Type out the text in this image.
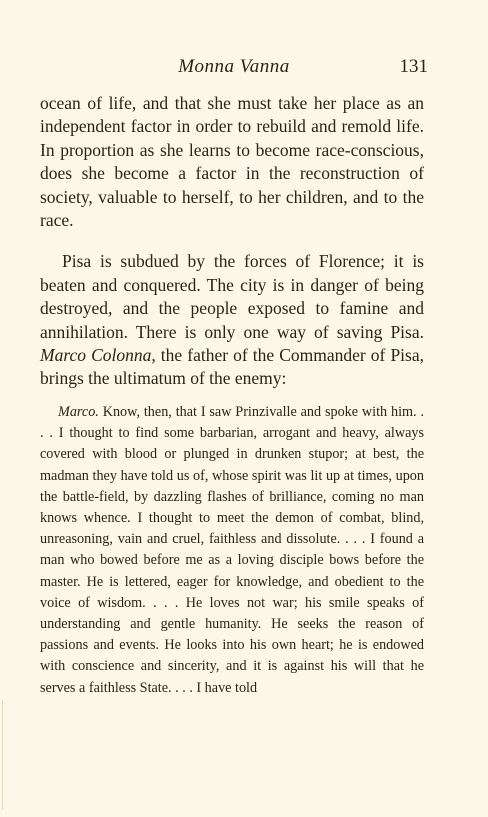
Monna Vanna	131

ocean of life, and that she must take her place as an independent factor in order to rebuild and remold life. In proportion as she learns to become race-conscious, does she become a factor in the reconstruction of society, valuable to herself, to her children, and to the race.

Pisa is subdued by the forces of Florence; it is beaten and conquered. The city is in danger of being destroyed, and the people exposed to famine and annihilation. There is only one way of saving Pisa. Marco Colonna, the father of the Commander of Pisa, brings the ultimatum of the enemy:

Marco. Know, then, that I saw Prinzivalle and spoke with him. . . . I thought to find some barbarian, arrogant and heavy, always covered with blood or plunged in drunken stupor; at best, the madman they have told us of, whose spirit was lit up at times, upon the battle-field, by dazzling flashes of brilliance, coming no man knows whence. I thought to meet the demon of combat, blind, unreasoning, vain and cruel, faithless and dissolute. . . . I found a man who bowed before me as a loving disciple bows before the master. He is lettered, eager for knowledge, and obedient to the voice of wisdom. . . . He loves not war; his smile speaks of understanding and gentle humanity. He seeks the reason of passions and events. He looks into his own heart; he is endowed with conscience and sincerity, and it is against his will that he serves a faithless State. . . . I have told
